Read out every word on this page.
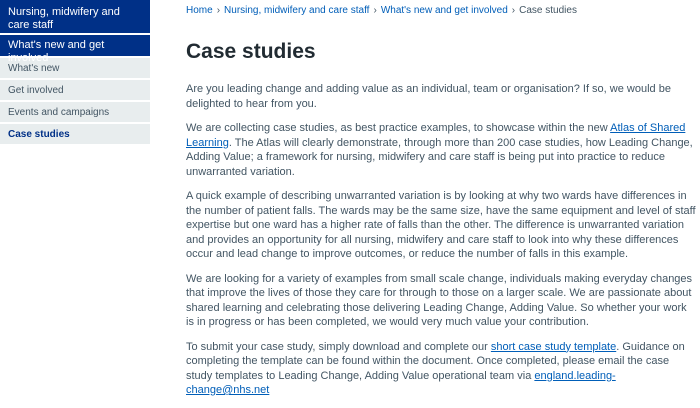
Nursing, midwifery and care staff
What's new and get involved
What's new
Get involved
Events and campaigns
Case studies
Home › Nursing, midwifery and care staff › What's new and get involved › Case studies
Case studies

Are you leading change and adding value as an individual, team or organisation? If so, we would be delighted to hear from you.

We are collecting case studies, as best practice examples, to showcase within the new Atlas of Shared Learning. The Atlas will clearly demonstrate, through more than 200 case studies, how Leading Change, Adding Value; a framework for nursing, midwifery and care staff is being put into practice to reduce unwarranted variation.

A quick example of describing unwarranted variation is by looking at why two wards have differences in the number of patient falls. The wards may be the same size, have the same equipment and level of staff expertise but one ward has a higher rate of falls than the other. The difference is unwarranted variation and provides an opportunity for all nursing, midwifery and care staff to look into why these differences occur and lead change to improve outcomes, or reduce the number of falls in this example.

We are looking for a variety of examples from small scale change, individuals making everyday changes that improve the lives of those they care for through to those on a larger scale. We are passionate about shared learning and celebrating those delivering Leading Change, Adding Value. So whether your work is in progress or has been completed, we would very much value your contribution.

To submit your case study, simply download and complete our short case study template. Guidance on completing the template can be found within the document. Once completed, please email the case study templates to Leading Change, Adding Value operational team via england.leading-change@nhs.net
